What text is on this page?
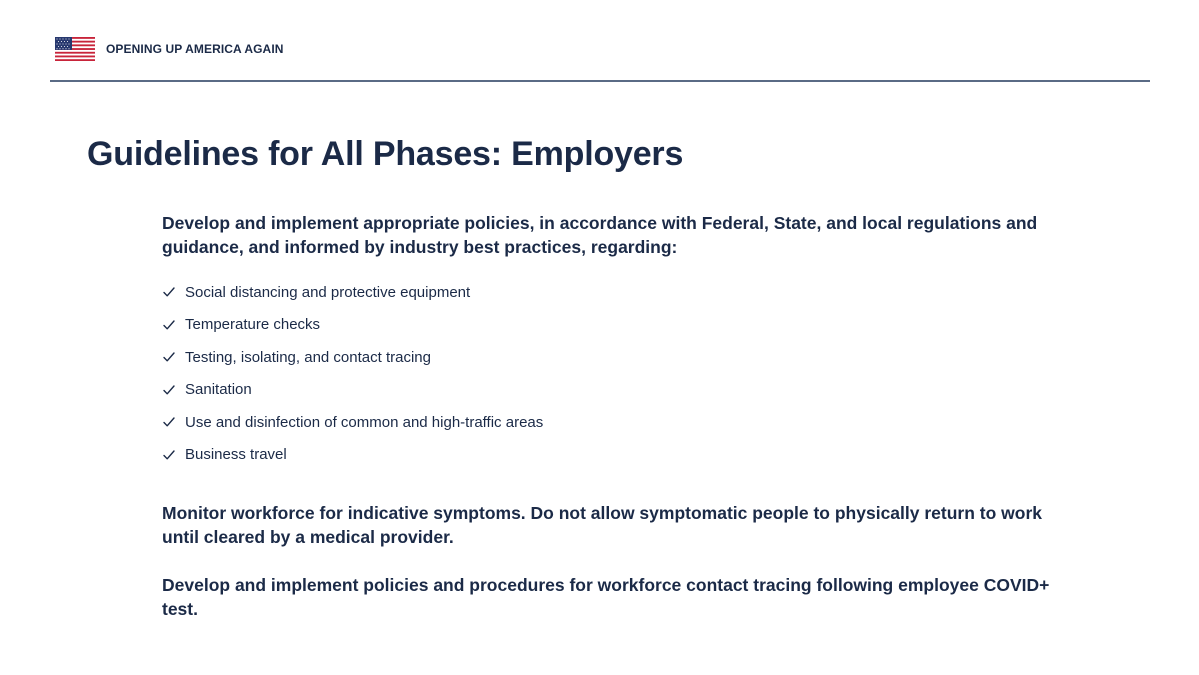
OPENING UP AMERICA AGAIN
Guidelines for All Phases: Employers

Develop and implement appropriate policies, in accordance with Federal, State, and local regulations and guidance, and informed by industry best practices, regarding:

Social distancing and protective equipment
Temperature checks
Testing, isolating, and contact tracing
Sanitation
Use and disinfection of common and high-traffic areas
Business travel

Monitor workforce for indicative symptoms. Do not allow symptomatic people to physically return to work until cleared by a medical provider.

Develop and implement policies and procedures for workforce contact tracing following employee COVID+ test.
